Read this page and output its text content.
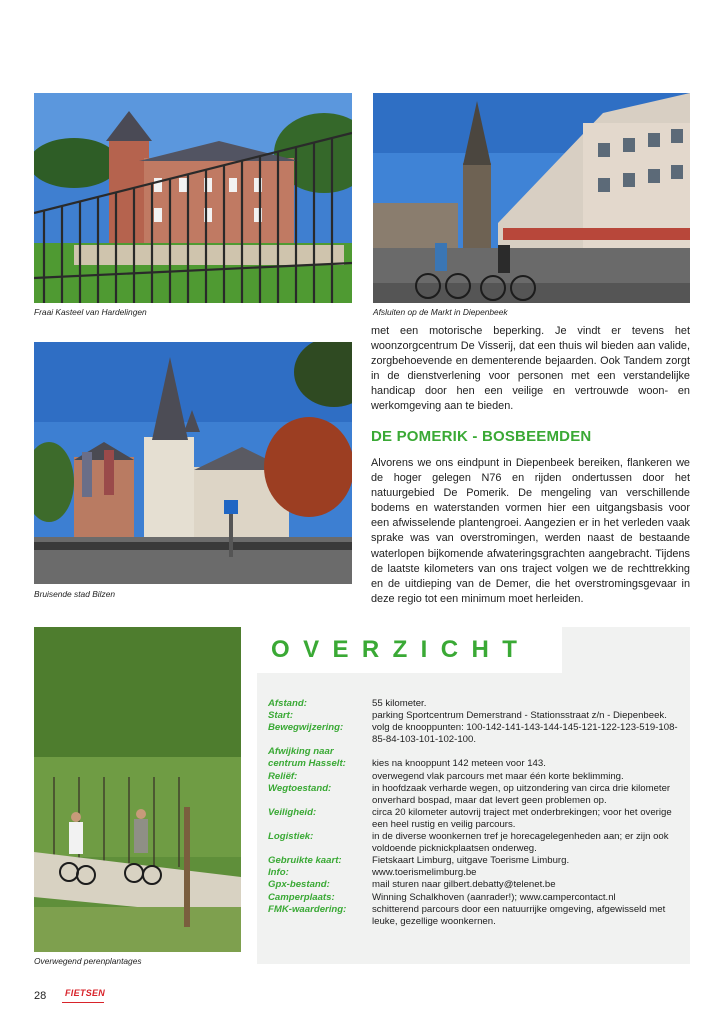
Fraai Kasteel van Hardelingen	Afsluiten op de Markt in Diepenbeek
Bruisende stad Bilzen
Overwegend perenplantages

met een motorische beperking. Je vindt er tevens het woonzorgcentrum De Visserij, dat een thuis wil bieden aan valide, zorgbehoevende en dementerende bejaarden. Ook Tandem zorgt in de dienstverlening voor personen met een verstandelijke handicap door hen een veilige en vertrouwde woon- en werkomgeving aan te bieden.

DE POMERIK - BOSBEEMDEN

Alvorens we ons eindpunt in Diepenbeek bereiken, flankeren we de hoger gelegen N76 en rijden ondertussen door het natuurgebied De Pomerik. De mengeling van verschillende bodems en waterstanden vormen hier een uitgangsbasis voor een afwisselende plantengroei. Aangezien er in het verleden vaak sprake was van overstromingen, werden naast de bestaande waterlopen bijkomende afwateringsgrachten aangebracht. Tijdens de laatste kilometers van ons traject volgen we de rechttrekking en de uitdieping van de Demer, die het overstromingsgevaar in deze regio tot een minimum moet herleiden.

OVERZICHT
Afstand:	55 kilometer.
Start:	parking Sportcentrum Demerstrand - Stationsstraat z/n - Diepenbeek.
Bewegwijzering:	volg de knooppunten: 100-142-141-143-144-145-121-122-123-519-108-85-84-103-101-102-100.
Afwijking naar centrum Hasselt:	kies na knooppunt 142 meteen voor 143.
Reliëf:	overwegend vlak parcours met maar één korte beklimming.
Wegtoestand:	in hoofdzaak verharde wegen, op uitzondering van circa drie kilometer onverhard bospad, maar dat levert geen problemen op.
Veiligheid:	circa 20 kilometer autovrij traject met onderbrekingen; voor het overige een heel rustig en veilig parcours.
Logistiek:	in de diverse woonkernen tref je horecagelegenheden aan; er zijn ook voldoende picknickplaatsen onderweg.
Gebruikte kaart:	Fietskaart Limburg, uitgave Toerisme Limburg.
Info:	www.toerismelimburg.be
Gpx-bestand:	mail sturen naar gilbert.debatty@telenet.be
Camperplaats:	Winning Schalkhoven (aanrader!); www.campercontact.nl
FMK-waardering:	schitterend parcours door een natuurrijke omgeving, afgewisseld met leuke, gezellige woonkernen.
28 FIETSEN
